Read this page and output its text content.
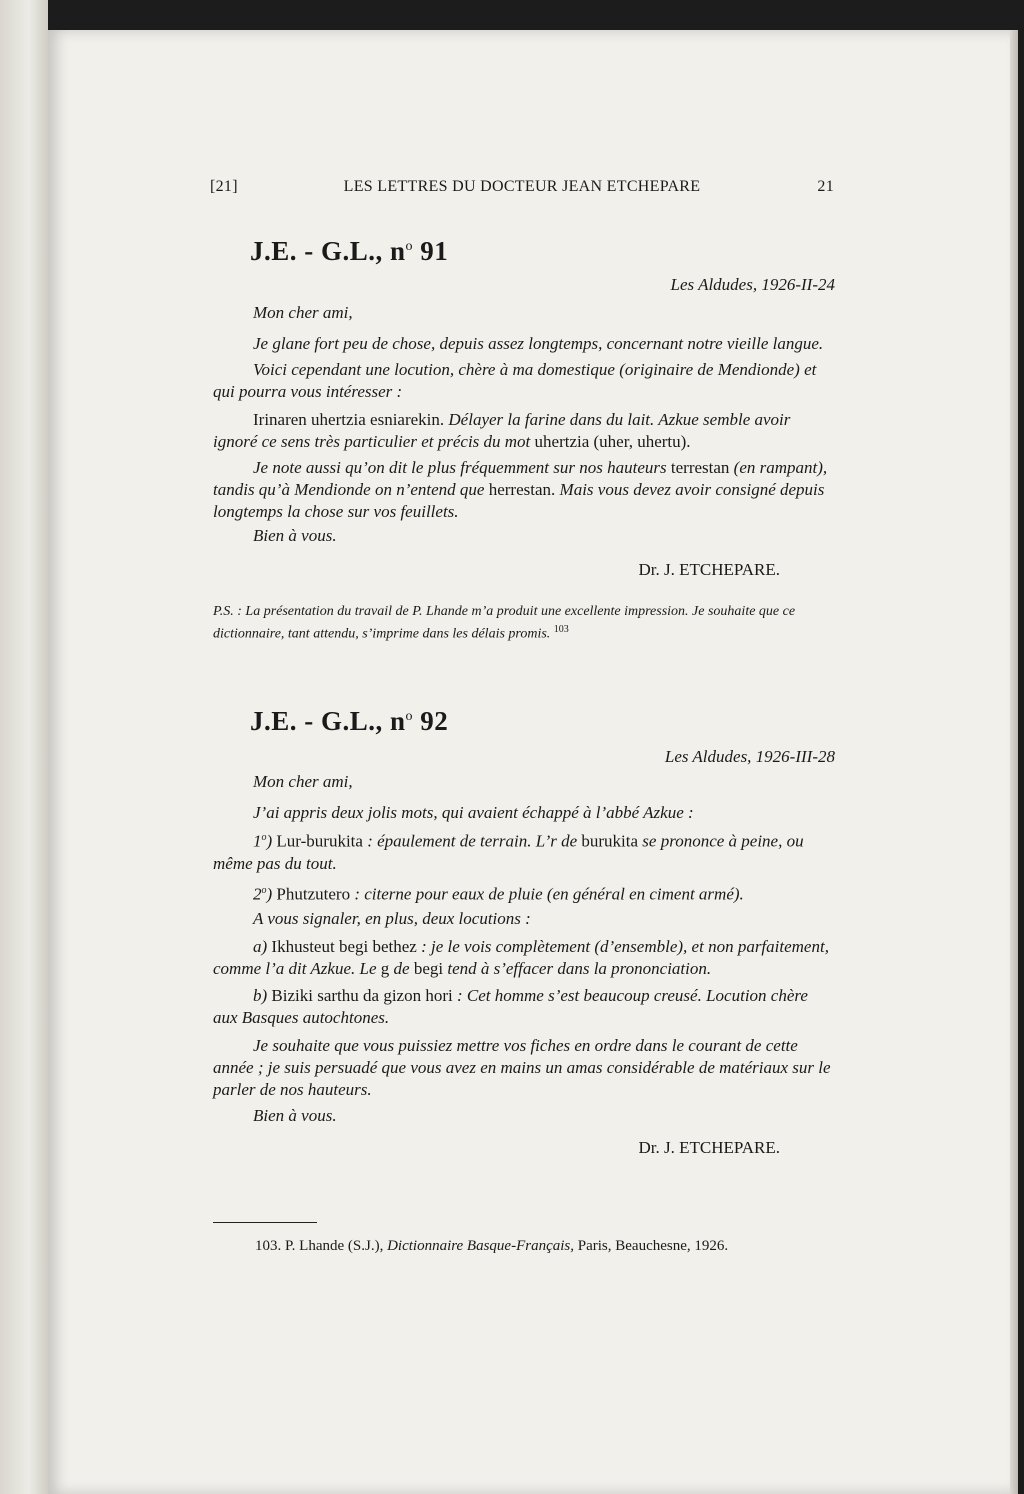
[21]	LES LETTRES DU DOCTEUR JEAN ETCHEPARE	21
J.E. - G.L., $n^o$ 91

Les Aldudes, 1926-II-24

Mon cher ami,

Je glane fort peu de chose, depuis assez longtemps, concernant notre vieille langue.

Voici cependant une locution, chère à ma domestique (originaire de Mendionde) et qui pourra vous intéresser :

Irinaren uhertzia esniarekin. Délayer la farine dans du lait. Azkue semble avoir ignoré ce sens très particulier et précis du mot uhertzia (uher, uhertu).

Je note aussi qu’on dit le plus fréquemment sur nos hauteurs terrestan (en rampant), tandis qu’à Mendionde on n’entend que herrestan. Mais vous devez avoir consigné depuis longtemps la chose sur vos feuillets.

Bien à vous.

Dr. J. ETCHEPARE.

P.S. : La présentation du travail de P. Lhande m’a produit une excellente impression. Je souhaite que ce dictionnaire, tant attendu, s’imprime dans les délais promis. $^{103}$

J.E. - G.L., $n^o$ 92

Les Aldudes, 1926-III-28

Mon cher ami,

J’ai appris deux jolis mots, qui avaient échappé à l’abbé Azkue :

1$^o$) Lur-burukita : épaulement de terrain. L’r de burukita se prononce à peine, ou même pas du tout.

2$^o$) Phutzutero : citerne pour eaux de pluie (en général en ciment armé).

A vous signaler, en plus, deux locutions :

a) Ikhusteut begi bethez : je le vois complètement (d’ensemble), et non parfaitement, comme l’a dit Azkue. Le g de begi tend à s’effacer dans la prononciation.

b) Biziki sarthu da gizon hori : Cet homme s’est beaucoup creusé. Locution chère aux Basques autochtones.

Je souhaite que vous puissiez mettre vos fiches en ordre dans le courant de cette année ; je suis persuadé que vous avez en mains un amas considérable de matériaux sur le parler de nos hauteurs.

Bien à vous.

Dr. J. ETCHEPARE.

103. P. Lhande (S.J.), Dictionnaire Basque-Français, Paris, Beauchesne, 1926.
